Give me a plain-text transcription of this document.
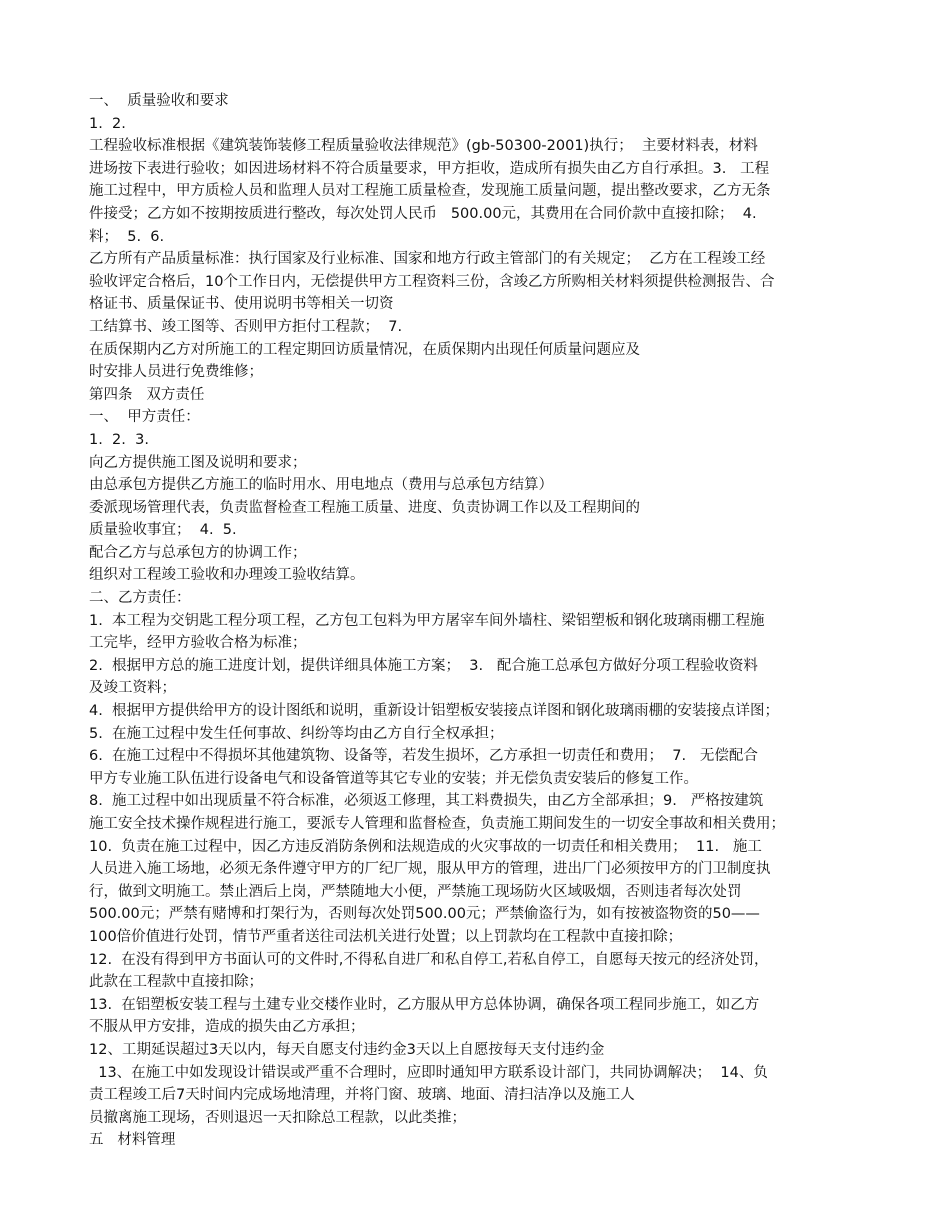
一、  质量验收和要求
1.  2.
工程验收标准根据《建筑装饰装修工程质量验收法律规范》(gb-50300-2001)执行；  主要材料表，材料
进场按下表进行验收；如因进场材料不符合质量要求，甲方拒收，造成所有损失由乙方自行承担。3.   工程
施工过程中，甲方质检人员和监理人员对工程施工质量检查，发现施工质量问题，提出整改要求，乙方无条
件接受；乙方如不按期按质进行整改，每次处罚人民币   500.00元，其费用在合同价款中直接扣除；  4.
料；  5.  6.
乙方所有产品质量标准：执行国家及行业标准、国家和地方行政主管部门的有关规定；  乙方在工程竣工经
验收评定合格后，10个工作日内，无偿提供甲方工程资料三份，含竣乙方所购相关材料须提供检测报告、合
格证书、质量保证书、使用说明书等相关一切资
工结算书、竣工图等、否则甲方拒付工程款；  7.
在质保期内乙方对所施工的工程定期回访质量情况，在质保期内出现任何质量问题应及
时安排人员进行免费维修；
第四条   双方责任
一、  甲方责任：
1.  2.  3.
向乙方提供施工图及说明和要求；
由总承包方提供乙方施工的临时用水、用电地点（费用与总承包方结算）
委派现场管理代表，负责监督检查工程施工质量、进度、负责协调工作以及工程期间的
质量验收事宜；  4.  5.
配合乙方与总承包方的协调工作；
组织对工程竣工验收和办理竣工验收结算。
二、乙方责任：
1.  本工程为交钥匙工程分项工程，乙方包工包料为甲方屠宰车间外墙柱、梁铝塑板和钢化玻璃雨棚工程施
工完毕，经甲方验收合格为标准；
2.  根据甲方总的施工进度计划，提供详细具体施工方案；  3.   配合施工总承包方做好分项工程验收资料
及竣工资料；
4.  根据甲方提供给甲方的设计图纸和说明，重新设计铝塑板安装接点详图和钢化玻璃雨棚的安装接点详图；
5.  在施工过程中发生任何事故、纠纷等均由乙方自行全权承担；
6.  在施工过程中不得损坏其他建筑物、设备等，若发生损坏，乙方承担一切责任和费用；  7.   无偿配合
甲方专业施工队伍进行设备电气和设备管道等其它专业的安装；并无偿负责安装后的修复工作。
8.  施工过程中如出现质量不符合标准，必须返工修理，其工料费损失，由乙方全部承担；9.   严格按建筑
施工安全技术操作规程进行施工，要派专人管理和监督检查，负责施工期间发生的一切安全事故和相关费用；
10.  负责在施工过程中，因乙方违反消防条例和法规造成的火灾事故的一切责任和相关费用；  11.   施工
人员进入施工场地，必须无条件遵守甲方的厂纪厂规，服从甲方的管理，进出厂门必须按甲方的门卫制度执
行，做到文明施工。禁止酒后上岗，严禁随地大小便，严禁施工现场防火区域吸烟，否则违者每次处罚
500.00元；严禁有赌博和打架行为，否则每次处罚500.00元；严禁偷盗行为，如有按被盗物资的50——
100倍价值进行处罚，情节严重者送往司法机关进行处置；以上罚款均在工程款中直接扣除；
12.  在没有得到甲方书面认可的文件时,不得私自进厂和私自停工,若私自停工，自愿每天按元的经济处罚，
此款在工程款中直接扣除；
13.  在铝塑板安装工程与土建专业交楼作业时，乙方服从甲方总体协调，确保各项工程同步施工，如乙方
不服从甲方安排，造成的损失由乙方承担；
12、工期延误超过3天以内，每天自愿支付违约金3天以上自愿按每天支付违约金
13、在施工中如发现设计错误或严重不合理时，应即时通知甲方联系设计部门，共同协调解决；  14、负
责工程竣工后7天时间内完成场地清理，并将门窗、玻璃、地面、清扫洁净以及施工人
员撤离施工现场，否则退迟一天扣除总工程款，以此类推；
五   材料管理
